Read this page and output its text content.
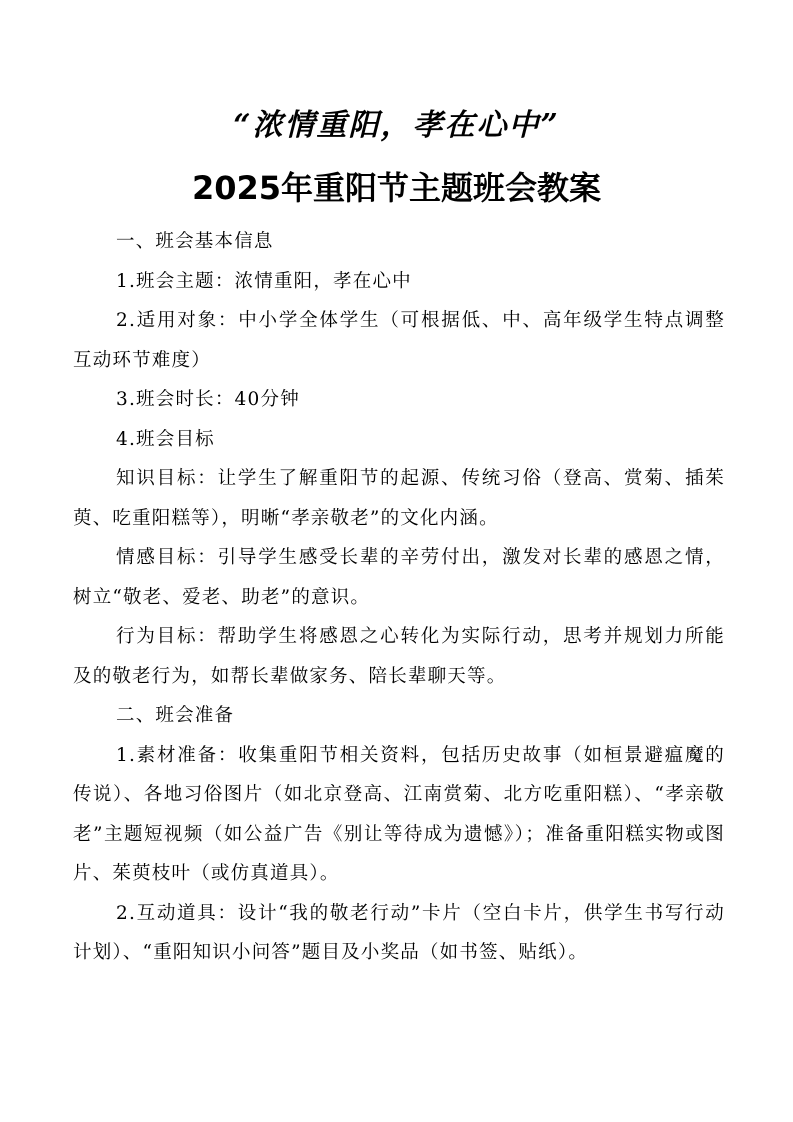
“浓情重阳，孝在心中”
2025年重阳节主题班会教案

一、班会基本信息

1.班会主题：浓情重阳，孝在心中

2.适用对象：中小学全体学生（可根据低、中、高年级学生特点调整互动环节难度）

3.班会时长：40分钟

4.班会目标

知识目标：让学生了解重阳节的起源、传统习俗（登高、赏菊、插茱萸、吃重阳糕等），明晰“孝亲敬老”的文化内涵。

情感目标：引导学生感受长辈的辛劳付出，激发对长辈的感恩之情，树立“敬老、爱老、助老”的意识。

行为目标：帮助学生将感恩之心转化为实际行动，思考并规划力所能及的敬老行为，如帮长辈做家务、陪长辈聊天等。

二、班会准备

1.素材准备：收集重阳节相关资料，包括历史故事（如桓景避瘟魔的传说）、各地习俗图片（如北京登高、江南赏菊、北方吃重阳糕）、“孝亲敬老”主题短视频（如公益广告《别让等待成为遗憾》）；准备重阳糕实物或图片、茱萸枝叶（或仿真道具）。

2.互动道具：设计“我的敬老行动”卡片（空白卡片，供学生书写行动计划）、“重阳知识小问答”题目及小奖品（如书签、贴纸）。
